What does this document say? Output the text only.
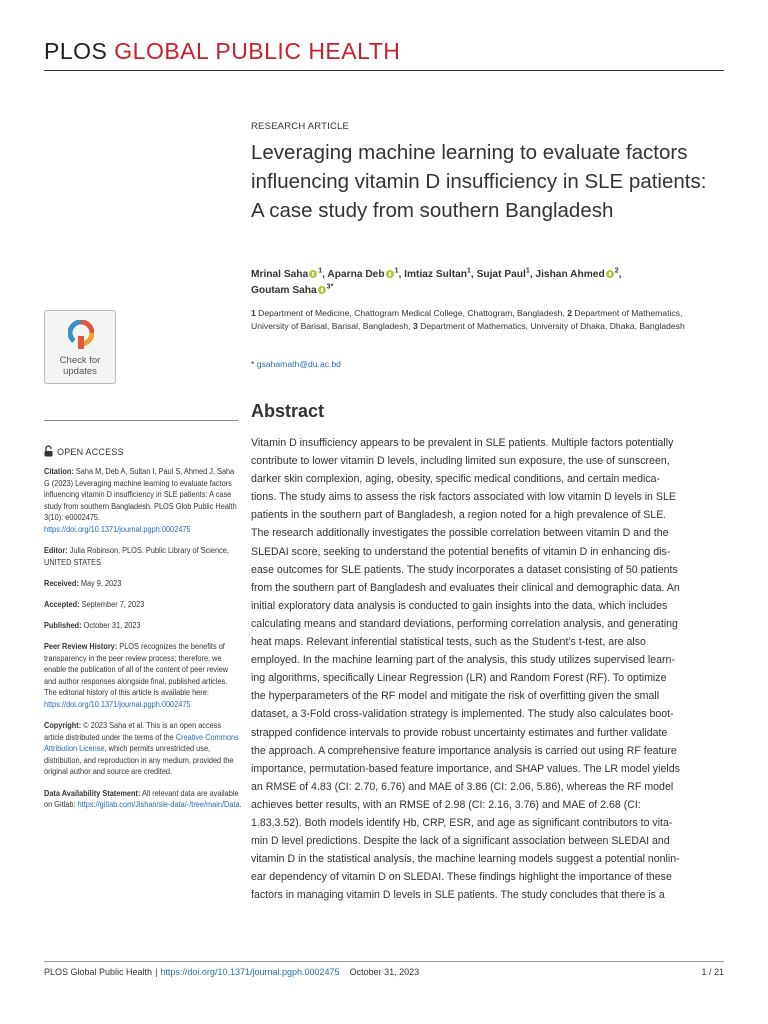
PLOS GLOBAL PUBLIC HEALTH
RESEARCH ARTICLE
Leveraging machine learning to evaluate factors influencing vitamin D insufficiency in SLE patients: A case study from southern Bangladesh
Mrinal Saha $^1$, Aparna Deb $^1$, Imtiaz Sultan$^1$, Sujat Paul$^1$, Jishan Ahmed $^2$,
Goutam Saha $^{3*}$
1 Department of Medicine, Chattogram Medical College, Chattogram, Bangladesh, 2 Department of Mathematics, University of Barisal, Barisal, Bangladesh, 3 Department of Mathematics, University of Dhaka, Dhaka, Bangladesh
* gsahamath@du.ac.bd
Check for
updates
OPEN ACCESS
Citation: Saha M, Deb A, Sultan I, Paul S, Ahmed J, Saha G (2023) Leveraging machine learning to evaluate factors influencing vitamin D insufficiency in SLE patients: A case study from southern Bangladesh. PLOS Glob Public Health 3(10): e0002475. https://doi.org/10.1371/journal.pgph.0002475
Editor: Julia Robinson, PLOS: Public Library of Science, UNITED STATES
Received: May 9, 2023
Accepted: September 7, 2023
Published: October 31, 2023
Peer Review History: PLOS recognizes the benefits of transparency in the peer review process; therefore, we enable the publication of all of the content of peer review and author responses alongside final, published articles. The editorial history of this article is available here: https://doi.org/10.1371/journal.pgph.0002475
Copyright: © 2023 Saha et al. This is an open access article distributed under the terms of the Creative Commons Attribution License, which permits unrestricted use, distribution, and reproduction in any medium, provided the original author and source are credited.
Data Availability Statement: All relevant data are available on Gitlab: https://gitlab.com/Jishan/sle-data/-/tree/main/Data.
Abstract
Vitamin D insufficiency appears to be prevalent in SLE patients. Multiple factors potentially
contribute to lower vitamin D levels, including limited sun exposure, the use of sunscreen,
darker skin complexion, aging, obesity, specific medical conditions, and certain medica-
tions. The study aims to assess the risk factors associated with low vitamin D levels in SLE
patients in the southern part of Bangladesh, a region noted for a high prevalence of SLE.
The research additionally investigates the possible correlation between vitamin D and the
SLEDAI score, seeking to understand the potential benefits of vitamin D in enhancing dis-
ease outcomes for SLE patients. The study incorporates a dataset consisting of 50 patients
from the southern part of Bangladesh and evaluates their clinical and demographic data. An
initial exploratory data analysis is conducted to gain insights into the data, which includes
calculating means and standard deviations, performing correlation analysis, and generating
heat maps. Relevant inferential statistical tests, such as the Student’s t-test, are also
employed. In the machine learning part of the analysis, this study utilizes supervised learn-
ing algorithms, specifically Linear Regression (LR) and Random Forest (RF). To optimize
the hyperparameters of the RF model and mitigate the risk of overfitting given the small
dataset, a 3-Fold cross-validation strategy is implemented. The study also calculates boot-
strapped confidence intervals to provide robust uncertainty estimates and further validate
the approach. A comprehensive feature importance analysis is carried out using RF feature
importance, permutation-based feature importance, and SHAP values. The LR model yields
an RMSE of 4.83 (CI: 2.70, 6.76) and MAE of 3.86 (CI: 2.06, 5.86), whereas the RF model
achieves better results, with an RMSE of 2.98 (CI: 2.16, 3.76) and MAE of 2.68 (CI:
1.83,3.52). Both models identify Hb, CRP, ESR, and age as significant contributors to vita-
min D level predictions. Despite the lack of a significant association between SLEDAI and
vitamin D in the statistical analysis, the machine learning models suggest a potential nonlin-
ear dependency of vitamin D on SLEDAI. These findings highlight the importance of these
factors in managing vitamin D levels in SLE patients. The study concludes that there is a
PLOS Global Public Health | https://doi.org/10.1371/journal.pgph.0002475 October 31, 2023	1 / 21
